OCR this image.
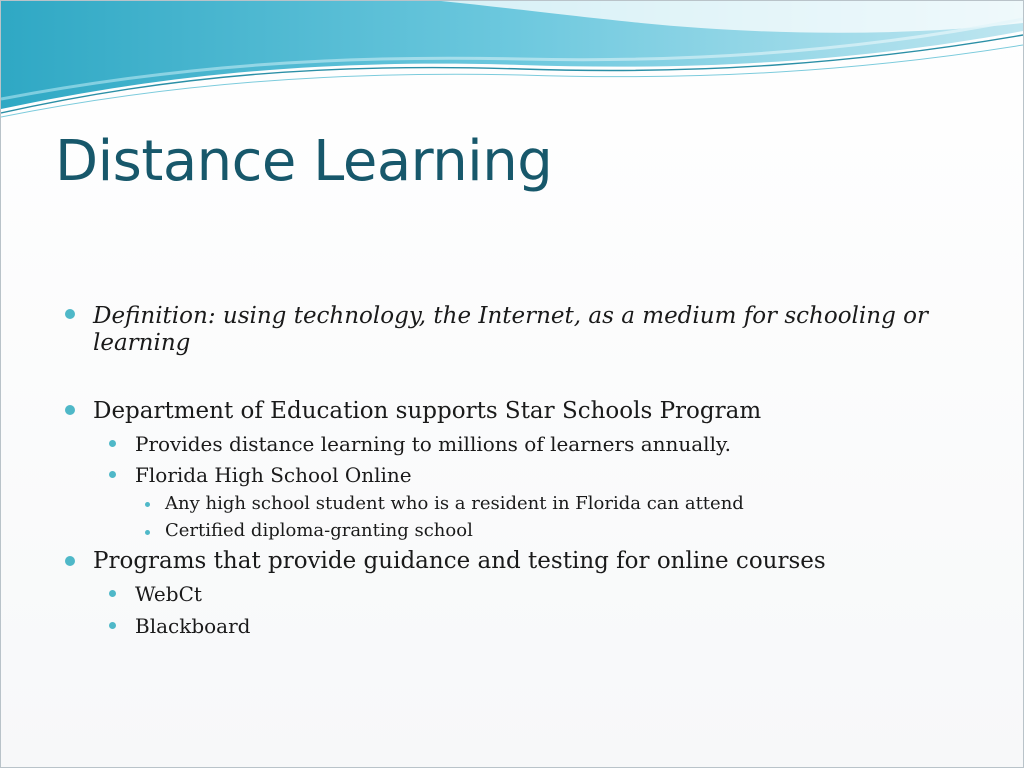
Distance Learning
Definition: using technology, the Internet, as a medium for schooling or
learning
Department of Education supports Star Schools Program
Provides distance learning to millions of learners annually.
Florida High School Online
Any high school student who is a resident in Florida can attend
Certified diploma-granting school
Programs that provide guidance and testing for online courses
WebCt
Blackboard
